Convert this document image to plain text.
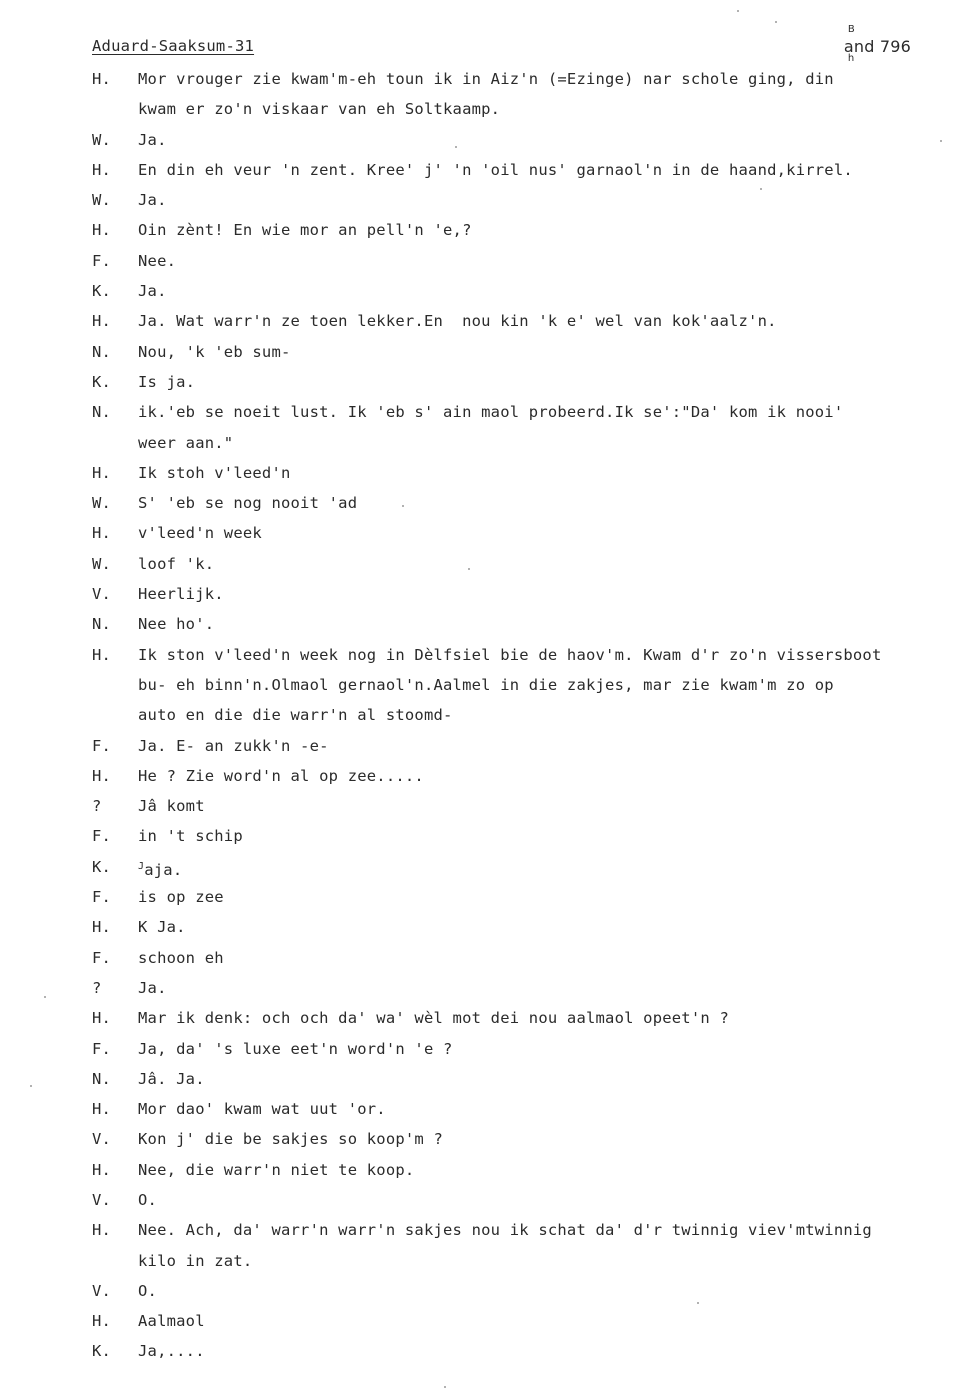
Aduard-Saaksum-31
B
and 796
h
H. Mor vrouger zie kwam'm-eh toun ik in Aiz'n (=Ezinge) nar schole ging, din
kwam er zo'n viskaar van eh Soltkaamp.
W. Ja.
H. En din eh veur 'n zent. Kree' j' 'n 'oil nus' garnaol'n in de haand,kirrel.
W. Ja.
H. Oin zènt! En wie mor an pell'n 'e,?
F. Nee.
K. Ja.
H. Ja. Wat warr'n ze toen lekker.En  nou kin 'k e' wel van kok'aalz'n.
N. Nou, 'k 'eb sum-
K. Is ja.
N. ik.'eb se noeit lust. Ik 'eb s' ain maol probeerd.Ik se':"Da' kom ik nooi'
weer aan."
H. Ik stoh v'leed'n
W. S' 'eb se nog nooit 'ad
H. v'leed'n week
W. loof 'k.
V. Heerlijk.
N. Nee ho'.
H. Ik ston v'leed'n week nog in Dèlfsiel bie de haov'm. Kwam d'r zo'n vissersboot
bu- eh binn'n.Olmaol gernaol'n.Aalmel in die zakjes, mar zie kwam'm zo op
auto en die die warr'n al stoomd-
F. Ja. E- an zukk'n -e-
H. He ? Zie word'n al op zee.....
? Jâ komt
F. in 't schip
K.	$^J$aja.
F. is op zee
H. K Ja.
F. schoon eh
? Ja.
H. Mar ik denk: och och da' wa' wèl mot dei nou aalmaol opeet'n ?
F. Ja, da' 's luxe eet'n word'n 'e ?
N. Jâ. Ja.
H. Mor dao' kwam wat uut 'or.
V. Kon j' die be sakjes so koop'm ?
H. Nee, die warr'n niet te koop.
V. O.
H. Nee. Ach, da' warr'n warr'n sakjes nou ik schat da' d'r twinnig viev'mtwinnig
kilo in zat.
V. O.
H. Aalmaol
K. Ja,....
